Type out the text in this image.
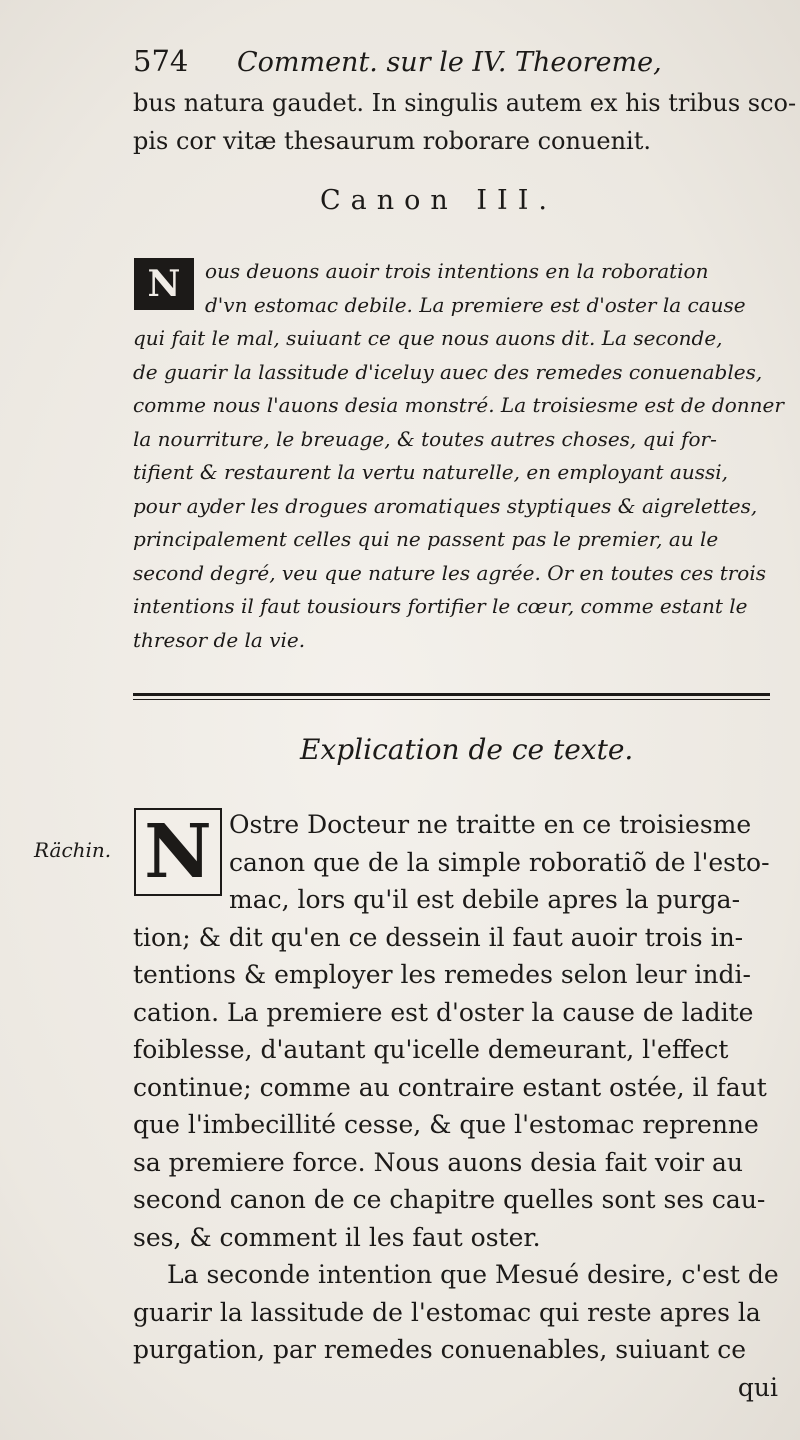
574 Comment. sur le IV. Theoreme,
bus natura gaudet. In singulis autem ex his tribus sco-
pis cor vitæ thesaurum roborare conuenit.
Canon III.
N	ous deuons auoir trois intentions en la roboration
d'vn estomac debile. La premiere est d'oster la cause
qui fait le mal, suiuant ce que nous auons dit. La seconde,
de guarir la lassitude d'iceluy auec des remedes conuenables,
comme nous l'auons desia monstré. La troisiesme est de donner
la nourriture, le breuage, & toutes autres choses, qui for-
tifient & restaurent la vertu naturelle, en employant aussi,
pour ayder les drogues aromatiques styptiques & aigrelettes,
principalement celles qui ne passent pas le premier, au le
second degré, veu que nature les agrée. Or en toutes ces trois
intentions il faut tousiours fortifier le cœur, comme estant le
thresor de la vie.
Explication de ce texte.
Rächin. N Ostre Docteur ne traitte en ce troisiesme
canon que de la simple roboratiõ de l'esto-
mac, lors qu'il est debile apres la purga-
tion; & dit qu'en ce dessein il faut auoir trois in-
tentions & employer les remedes selon leur indi-
cation. La premiere est d'oster la cause de ladite
foiblesse, d'autant qu'icelle demeurant, l'effect
continue; comme au contraire estant ostée, il faut
que l'imbecillité cesse, & que l'estomac reprenne
sa premiere force. Nous auons desia fait voir au
second canon de ce chapitre quelles sont ses cau-
ses, & comment il les faut oster.
La seconde intention que Mesué desire, c'est de
guarir la lassitude de l'estomac qui reste apres la
purgation, par remedes conuenables, suiuant ce
qui
